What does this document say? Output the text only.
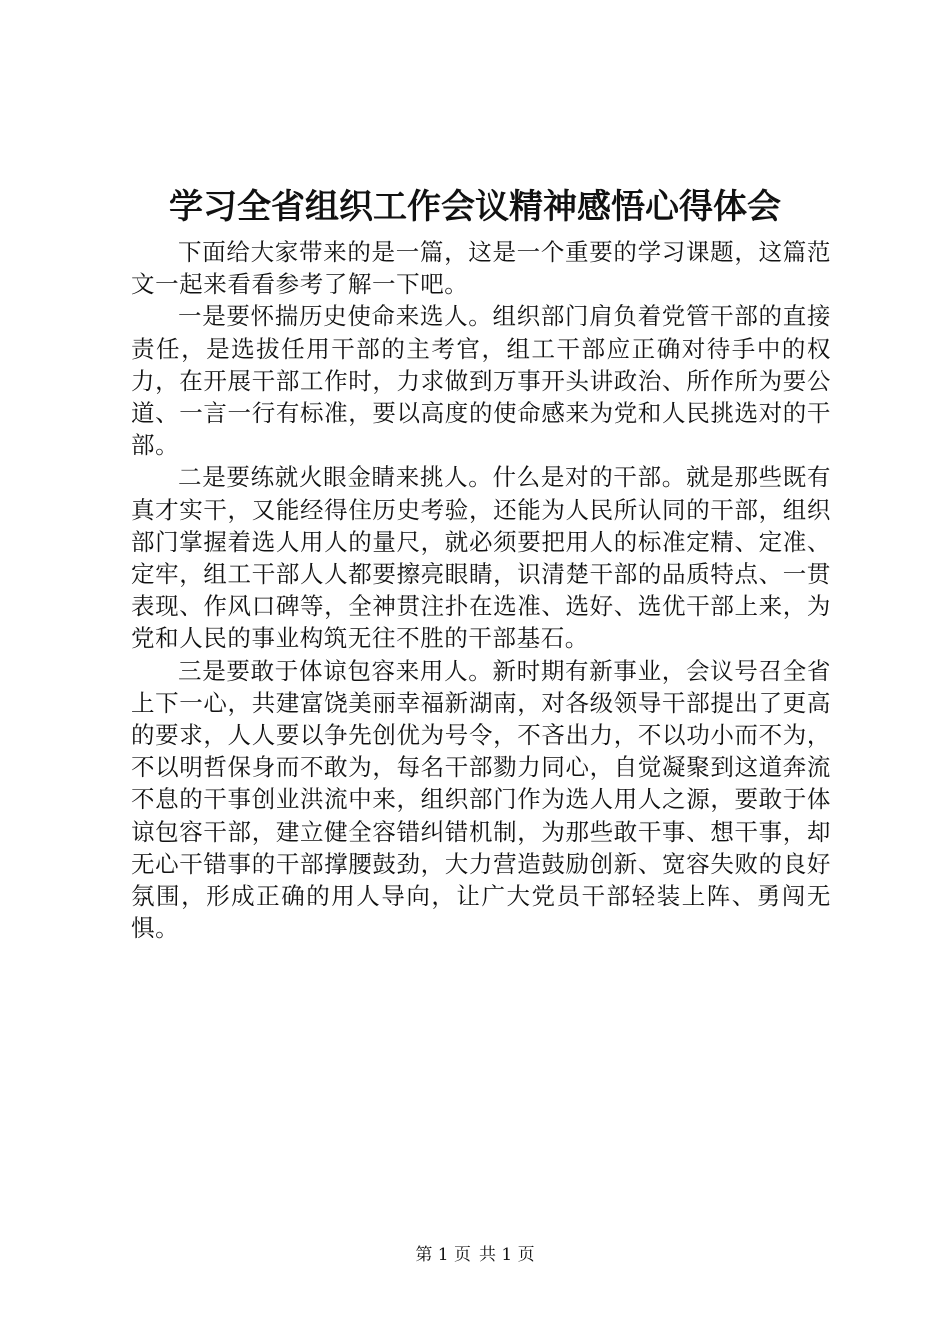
学习全省组织工作会议精神感悟心得体会

下面给大家带来的是一篇，这是一个重要的学习课题，这篇范文一起来看看参考了解一下吧。

一是要怀揣历史使命来选人。组织部门肩负着党管干部的直接责任，是选拔任用干部的主考官，组工干部应正确对待手中的权力，在开展干部工作时，力求做到万事开头讲政治、所作所为要公道、一言一行有标准，要以高度的使命感来为党和人民挑选对的干部。

二是要练就火眼金睛来挑人。什么是对的干部。就是那些既有真才实干，又能经得住历史考验，还能为人民所认同的干部，组织部门掌握着选人用人的量尺，就必须要把用人的标准定精、定准、定牢，组工干部人人都要擦亮眼睛，识清楚干部的品质特点、一贯表现、作风口碑等，全神贯注扑在选准、选好、选优干部上来，为党和人民的事业构筑无往不胜的干部基石。

三是要敢于体谅包容来用人。新时期有新事业，会议号召全省上下一心，共建富饶美丽幸福新湖南，对各级领导干部提出了更高的要求，人人要以争先创优为号令，不吝出力，不以功小而不为，不以明哲保身而不敢为，每名干部勠力同心，自觉凝聚到这道奔流不息的干事创业洪流中来，组织部门作为选人用人之源，要敢于体谅包容干部，建立健全容错纠错机制，为那些敢干事、想干事，却无心干错事的干部撑腰鼓劲，大力营造鼓励创新、宽容失败的良好氛围，形成正确的用人导向，让广大党员干部轻装上阵、勇闯无惧。

第 1 页 共 1 页
